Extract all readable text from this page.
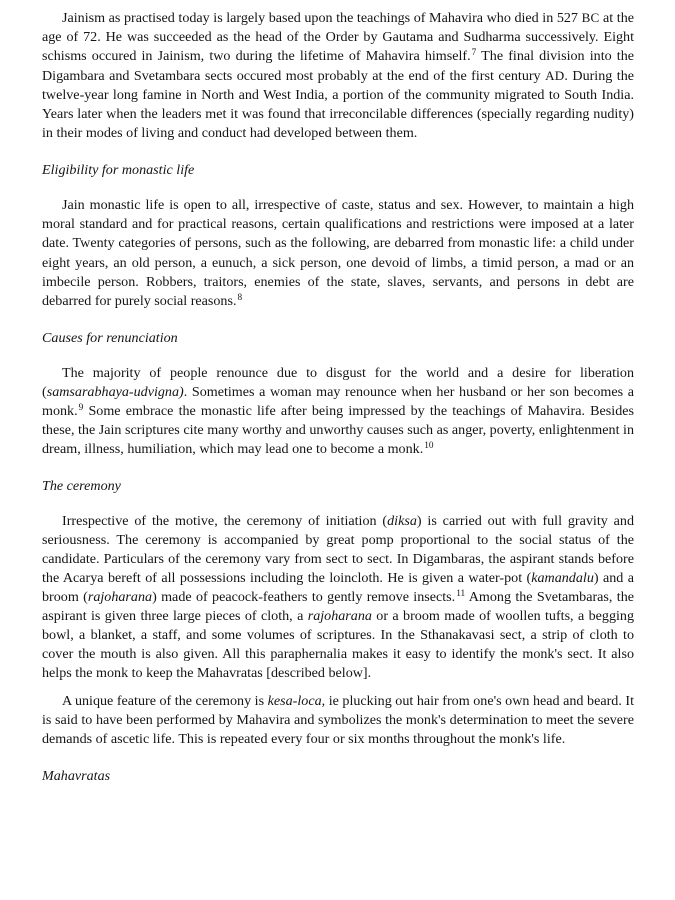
Jainism as practised today is largely based upon the teachings of Mahavira who died in 527 BC at the age of 72. He was succeeded as the head of the Order by Gautama and Sudharma successively. Eight schisms occured in Jainism, two during the lifetime of Mahavira himself.$^7$ The final division into the Digambara and Svetambara sects occured most probably at the end of the first century AD. During the twelve-year long famine in North and West India, a portion of the community migrated to South India. Years later when the leaders met it was found that irreconcilable differences (specially regarding nudity) in their modes of living and conduct had developed between them.

Eligibility for monastic life

Jain monastic life is open to all, irrespective of caste, status and sex. However, to maintain a high moral standard and for practical reasons, certain qualifications and restrictions were imposed at a later date. Twenty categories of persons, such as the following, are debarred from monastic life: a child under eight years, an old person, a eunuch, a sick person, one devoid of limbs, a timid person, a mad or an imbecile person. Robbers, traitors, enemies of the state, slaves, servants, and persons in debt are debarred for purely social reasons.$^8$

Causes for renunciation

The majority of people renounce due to disgust for the world and a desire for liberation (samsarabhaya-udvigna). Sometimes a woman may renounce when her husband or her son becomes a monk.$^9$ Some embrace the monastic life after being impressed by the teachings of Mahavira. Besides these, the Jain scriptures cite many worthy and unworthy causes such as anger, poverty, enlightenment in dream, illness, humiliation, which may lead one to become a monk.$^{10}$

The ceremony

Irrespective of the motive, the ceremony of initiation (diksa) is carried out with full gravity and seriousness. The ceremony is accompanied by great pomp proportional to the social status of the candidate. Particulars of the ceremony vary from sect to sect. In Digambaras, the aspirant stands before the Acarya bereft of all possessions including the loincloth. He is given a water-pot (kamandalu) and a broom (rajoharana) made of peacock-feathers to gently remove insects.$^{11}$ Among the Svetambaras, the aspirant is given three large pieces of cloth, a rajoharana or a broom made of woollen tufts, a begging bowl, a blanket, a staff, and some volumes of scriptures. In the Sthanakavasi sect, a strip of cloth to cover the mouth is also given. All this paraphernalia makes it easy to identify the monk's sect. It also helps the monk to keep the Mahavratas [described below].

A unique feature of the ceremony is kesa-loca, ie plucking out hair from one's own head and beard. It is said to have been performed by Mahavira and symbolizes the monk's determination to meet the severe demands of ascetic life. This is repeated every four or six months throughout the monk's life.

Mahavratas
